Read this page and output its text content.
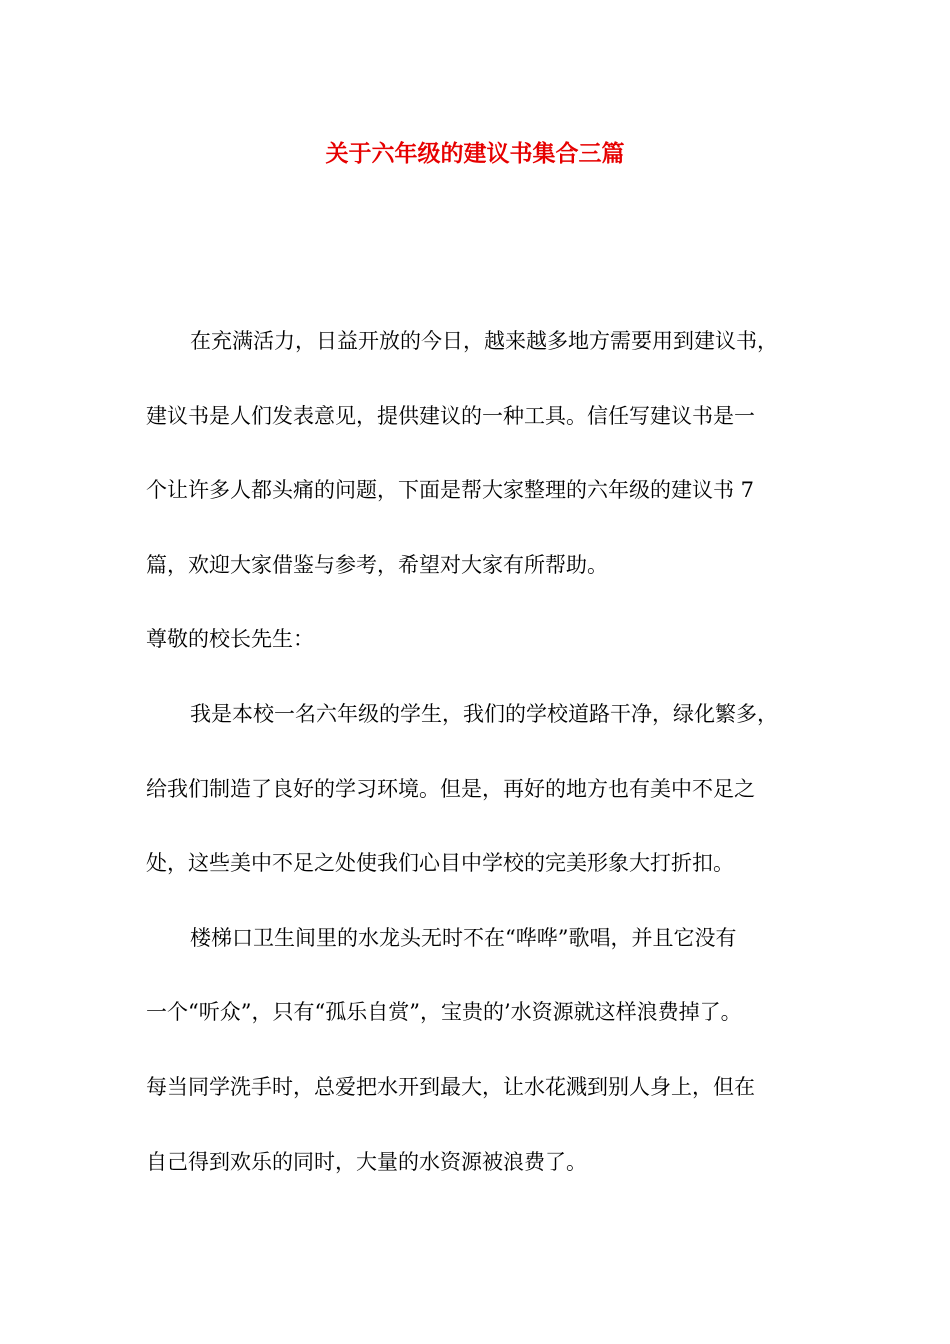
关于六年级的建议书集合三篇

在充满活力，日益开放的今日，越来越多地方需要用到建议书，

建议书是人们发表意见，提供建议的一种工具。信任写建议书是一

个让许多人都头痛的问题，下面是帮大家整理的六年级的建议书 7

篇，欢迎大家借鉴与参考，希望对大家有所帮助。

尊敬的校长先生：

我是本校一名六年级的学生，我们的学校道路干净，绿化繁多，

给我们制造了良好的学习环境。但是，再好的地方也有美中不足之

处，这些美中不足之处使我们心目中学校的完美形象大打折扣。

楼梯口卫生间里的水龙头无时不在“哗哗”歌唱，并且它没有

一个“听众”，只有“孤乐自赏”，宝贵的’水资源就这样浪费掉了。

每当同学洗手时，总爱把水开到最大，让水花溅到别人身上，但在

自己得到欢乐的同时，大量的水资源被浪费了。
